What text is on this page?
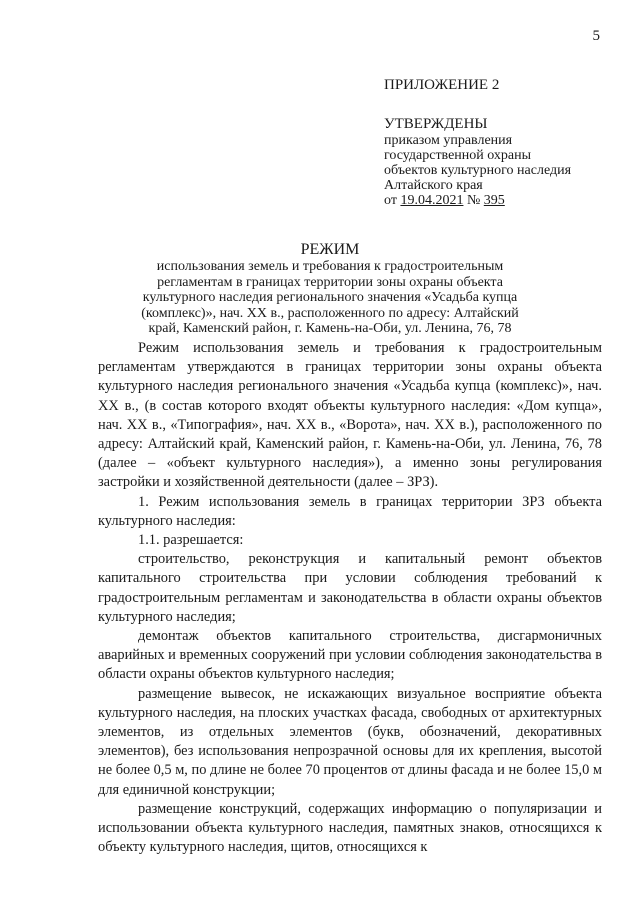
5
ПРИЛОЖЕНИЕ 2
УТВЕРЖДЕНЫ
приказом управления
государственной охраны
объектов культурного наследия
Алтайского края
от 19.04.2021 № 395
РЕЖИМ
использования земель и требования к градостроительным
регламентам в границах территории зоны охраны объекта
культурного наследия регионального значения «Усадьба купца
(комплекс)», нач. XX в., расположенного по адресу: Алтайский
край, Каменский район, г. Камень-на-Оби, ул. Ленина, 76, 78

Режим использования земель и требования к градостроительным регламентам утверждаются в границах территории зоны охраны объекта культурного наследия регионального значения «Усадьба купца (комплекс)», нач. XX в., (в состав которого входят объекты культурного наследия: «Дом купца», нач. XX в., «Типография», нач. XX в., «Ворота», нач. XX в.), расположенного по адресу: Алтайский край, Каменский район, г. Камень-на-Оби, ул. Ленина, 76, 78 (далее – «объект культурного наследия»), а именно зоны регулирования застройки и хозяйственной деятельности (далее – ЗРЗ).

1. Режим использования земель в границах территории ЗРЗ объекта культурного наследия:

1.1. разрешается:

строительство, реконструкция и капитальный ремонт объектов капитального строительства при условии соблюдения требований к градостроительным регламентам и законодательства в области охраны объектов культурного наследия;

демонтаж объектов капитального строительства, дисгармоничных аварийных и временных сооружений при условии соблюдения законодательства в области охраны объектов культурного наследия;

размещение вывесок, не искажающих визуальное восприятие объекта культурного наследия, на плоских участках фасада, свободных от архитектурных элементов, из отдельных элементов (букв, обозначений, декоративных элементов), без использования непрозрачной основы для их крепления, высотой не более 0,5 м, по длине не более 70 процентов от длины фасада и не более 15,0 м для единичной конструкции;

размещение конструкций, содержащих информацию о популяризации и использовании объекта культурного наследия, памятных знаков, относящихся к объекту культурного наследия, щитов, относящихся к
